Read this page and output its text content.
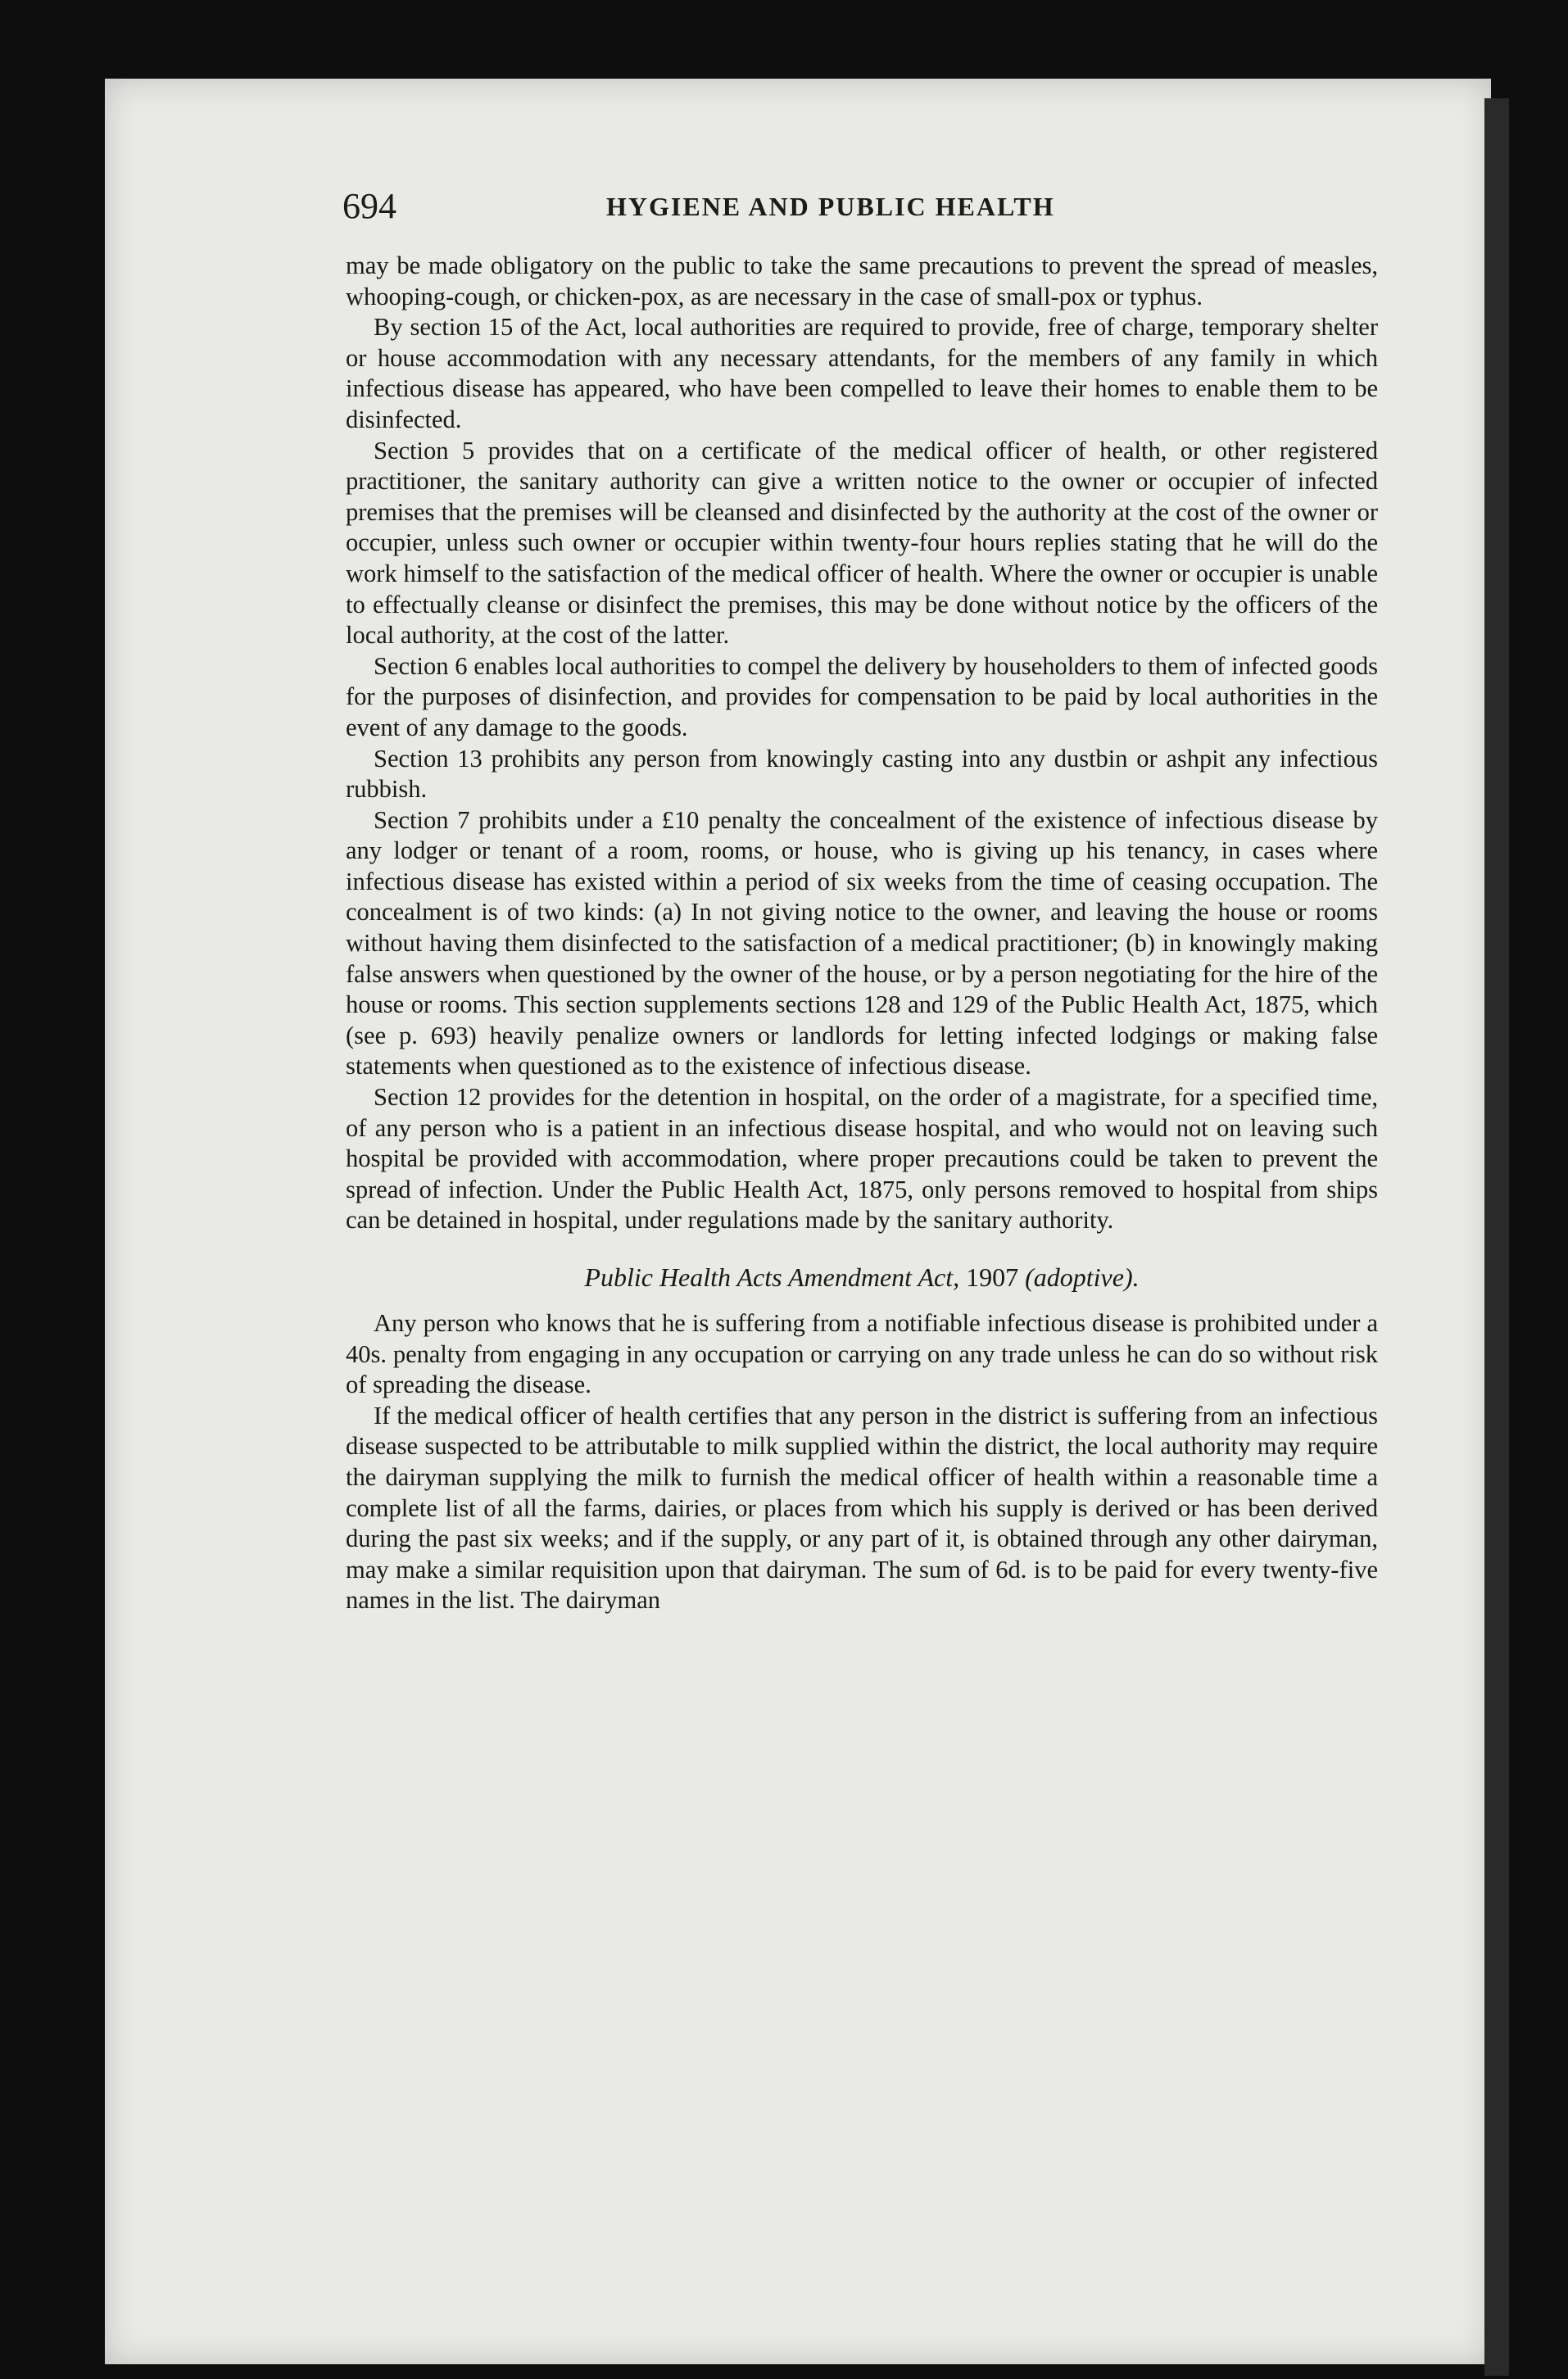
694	HYGIENE AND PUBLIC HEALTH

may be made obligatory on the public to take the same precautions to prevent the spread of measles, whooping-cough, or chicken-pox, as are necessary in the case of small-pox or typhus.

By section 15 of the Act, local authorities are required to provide, free of charge, temporary shelter or house accommodation with any necessary attendants, for the members of any family in which infectious disease has appeared, who have been compelled to leave their homes to enable them to be disinfected.

Section 5 provides that on a certificate of the medical officer of health, or other registered practitioner, the sanitary authority can give a written notice to the owner or occupier of infected premises that the premises will be cleansed and disinfected by the authority at the cost of the owner or occupier, unless such owner or occupier within twenty-four hours replies stating that he will do the work himself to the satisfaction of the medical officer of health. Where the owner or occupier is unable to effectually cleanse or disinfect the premises, this may be done without notice by the officers of the local authority, at the cost of the latter.

Section 6 enables local authorities to compel the delivery by householders to them of infected goods for the purposes of disinfection, and provides for compensation to be paid by local authorities in the event of any damage to the goods.

Section 13 prohibits any person from knowingly casting into any dustbin or ashpit any infectious rubbish.

Section 7 prohibits under a £10 penalty the concealment of the existence of infectious disease by any lodger or tenant of a room, rooms, or house, who is giving up his tenancy, in cases where infectious disease has existed within a period of six weeks from the time of ceasing occupation. The concealment is of two kinds: (a) In not giving notice to the owner, and leaving the house or rooms without having them disinfected to the satisfaction of a medical practitioner; (b) in knowingly making false answers when questioned by the owner of the house, or by a person negotiating for the hire of the house or rooms. This section supplements sections 128 and 129 of the Public Health Act, 1875, which (see p. 693) heavily penalize owners or landlords for letting infected lodgings or making false statements when questioned as to the existence of infectious disease.

Section 12 provides for the detention in hospital, on the order of a magistrate, for a specified time, of any person who is a patient in an infectious disease hospital, and who would not on leaving such hospital be provided with accommodation, where proper precautions could be taken to prevent the spread of infection. Under the Public Health Act, 1875, only persons removed to hospital from ships can be detained in hospital, under regulations made by the sanitary authority.

Public Health Acts Amendment Act, 1907 (adoptive).

Any person who knows that he is suffering from a notifiable infectious disease is prohibited under a 40s. penalty from engaging in any occupation or carrying on any trade unless he can do so without risk of spreading the disease.

If the medical officer of health certifies that any person in the district is suffering from an infectious disease suspected to be attributable to milk supplied within the district, the local authority may require the dairyman supplying the milk to furnish the medical officer of health within a reasonable time a complete list of all the farms, dairies, or places from which his supply is derived or has been derived during the past six weeks; and if the supply, or any part of it, is obtained through any other dairyman, may make a similar requisition upon that dairyman. The sum of 6d. is to be paid for every twenty-five names in the list. The dairyman
